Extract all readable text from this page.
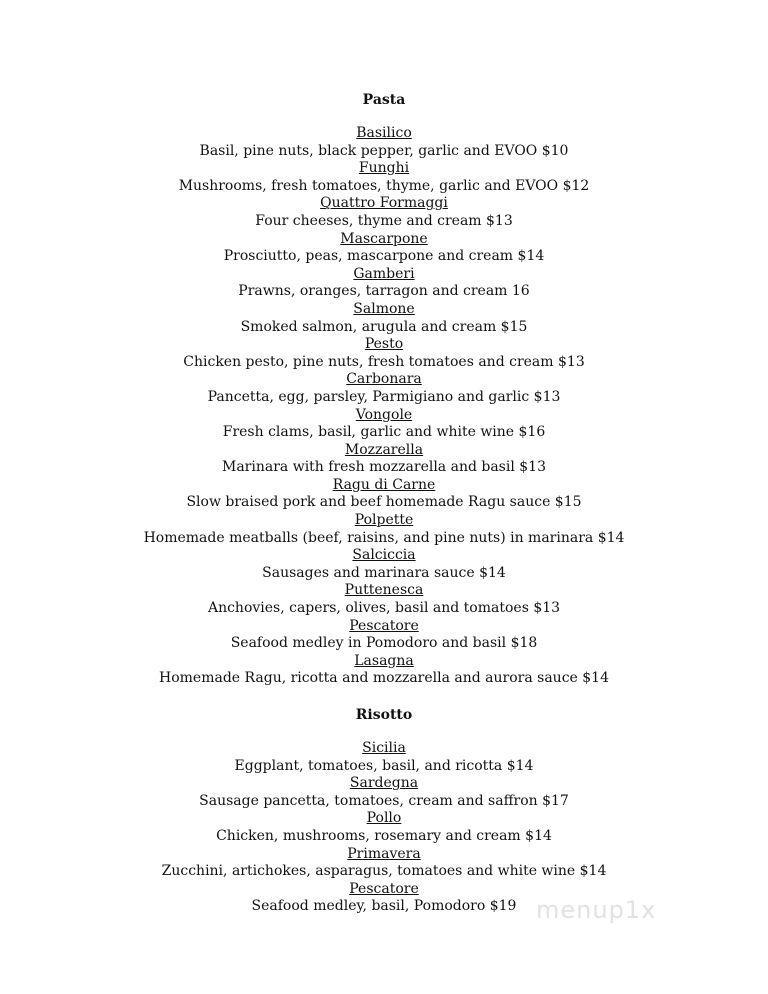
Pasta
Basilico
Basil, pine nuts, black pepper, garlic and EVOO $10
Funghi
Mushrooms, fresh tomatoes, thyme, garlic and EVOO $12
Quattro Formaggi
Four cheeses, thyme and cream $13
Mascarpone
Prosciutto, peas, mascarpone and cream $14
Gamberi
Prawns, oranges, tarragon and cream 16
Salmone
Smoked salmon, arugula and cream $15
Pesto
Chicken pesto, pine nuts, fresh tomatoes and cream $13
Carbonara
Pancetta, egg, parsley, Parmigiano and garlic $13
Vongole
Fresh clams, basil, garlic and white wine $16
Mozzarella
Marinara with fresh mozzarella and basil $13
Ragu di Carne
Slow braised pork and beef homemade Ragu sauce $15
Polpette
Homemade meatballs (beef, raisins, and pine nuts) in marinara $14
Salciccia
Sausages and marinara sauce $14
Puttenesca
Anchovies, capers, olives, basil and tomatoes $13
Pescatore
Seafood medley in Pomodoro and basil $18
Lasagna
Homemade Ragu, ricotta and mozzarella and aurora sauce $14
Risotto
Sicilia
Eggplant, tomatoes, basil, and ricotta $14
Sardegna
Sausage pancetta, tomatoes, cream and saffron $17
Pollo
Chicken, mushrooms, rosemary and cream $14
Primavera
Zucchini, artichokes, asparagus, tomatoes and white wine $14
Pescatore
Seafood medley, basil, Pomodoro $19 menup1x
